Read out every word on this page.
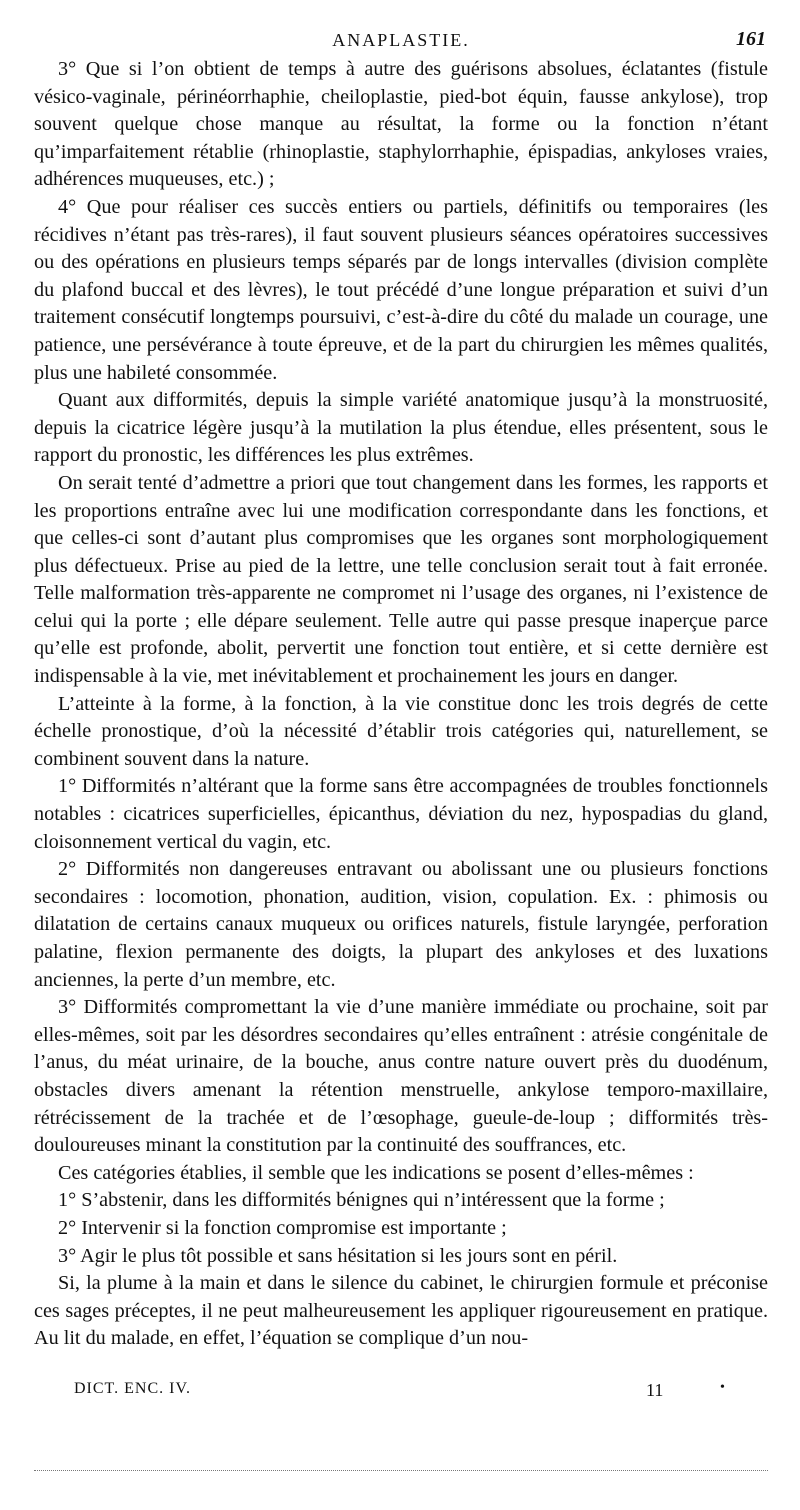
ANAPLASTIE.	161

3° Que si l’on obtient de temps à autre des guérisons absolues, éclatantes (fistule vésico-vaginale, périnéorrhaphie, cheiloplastie, pied-bot équin, fausse ankylose), trop souvent quelque chose manque au résultat, la forme ou la fonction n’étant qu’imparfaitement rétablie (rhinoplastie, staphylorrhaphie, épispadias, ankyloses vraies, adhérences muqueuses, etc.) ;

4° Que pour réaliser ces succès entiers ou partiels, définitifs ou temporaires (les récidives n’étant pas très-rares), il faut souvent plusieurs séances opératoires successives ou des opérations en plusieurs temps séparés par de longs intervalles (division complète du plafond buccal et des lèvres), le tout précédé d’une longue préparation et suivi d’un traitement consécutif longtemps poursuivi, c’est-à-dire du côté du malade un courage, une patience, une persévérance à toute épreuve, et de la part du chirurgien les mêmes qualités, plus une habileté consommée.

Quant aux difformités, depuis la simple variété anatomique jusqu’à la monstruosité, depuis la cicatrice légère jusqu’à la mutilation la plus étendue, elles présentent, sous le rapport du pronostic, les différences les plus extrêmes.

On serait tenté d’admettre a priori que tout changement dans les formes, les rapports et les proportions entraîne avec lui une modification correspondante dans les fonctions, et que celles-ci sont d’autant plus compromises que les organes sont morphologiquement plus défectueux. Prise au pied de la lettre, une telle conclusion serait tout à fait erronée. Telle malformation très-apparente ne compromet ni l’usage des organes, ni l’existence de celui qui la porte ; elle dépare seulement. Telle autre qui passe presque inaperçue parce qu’elle est profonde, abolit, pervertit une fonction tout entière, et si cette dernière est indispensable à la vie, met inévitablement et prochainement les jours en danger.

L’atteinte à la forme, à la fonction, à la vie constitue donc les trois degrés de cette échelle pronostique, d’où la nécessité d’établir trois catégories qui, naturellement, se combinent souvent dans la nature.

1° Difformités n’altérant que la forme sans être accompagnées de troubles fonctionnels notables : cicatrices superficielles, épicanthus, déviation du nez, hypospadias du gland, cloisonnement vertical du vagin, etc.

2° Difformités non dangereuses entravant ou abolissant une ou plusieurs fonctions secondaires : locomotion, phonation, audition, vision, copulation. Ex. : phimosis ou dilatation de certains canaux muqueux ou orifices naturels, fistule laryngée, perforation palatine, flexion permanente des doigts, la plupart des ankyloses et des luxations anciennes, la perte d’un membre, etc.

3° Difformités compromettant la vie d’une manière immédiate ou prochaine, soit par elles-mêmes, soit par les désordres secondaires qu’elles entraînent : atrésie congénitale de l’anus, du méat urinaire, de la bouche, anus contre nature ouvert près du duodénum, obstacles divers amenant la rétention menstruelle, ankylose temporo-maxillaire, rétrécissement de la trachée et de l’œsophage, gueule-de-loup ; difformités très-douloureuses minant la constitution par la continuité des souffrances, etc.

Ces catégories établies, il semble que les indications se posent d’elles-mêmes :

1° S’abstenir, dans les difformités bénignes qui n’intéressent que la forme ;

2° Intervenir si la fonction compromise est importante ;

3° Agir le plus tôt possible et sans hésitation si les jours sont en péril.

Si, la plume à la main et dans le silence du cabinet, le chirurgien formule et préconise ces sages préceptes, il ne peut malheureusement les appliquer rigoureusement en pratique. Au lit du malade, en effet, l’équation se complique d’un nou-

DICT. ENC. IV.	11	•
